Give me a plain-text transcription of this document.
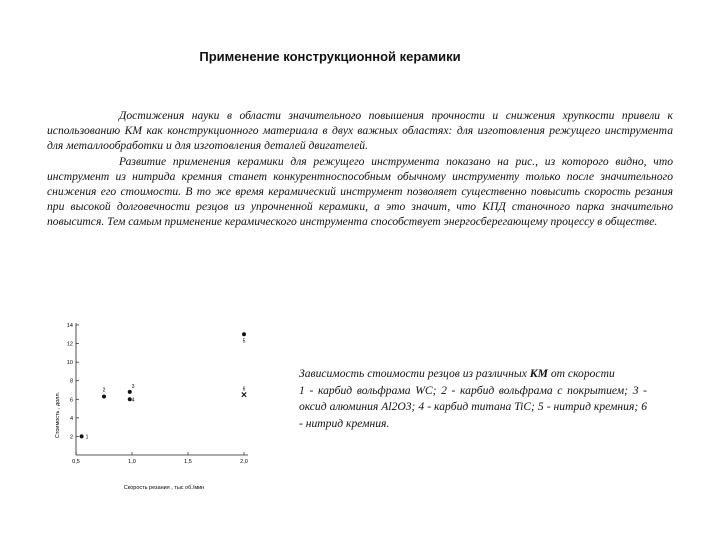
Применение конструкционной керамики

Достижения науки в области значительного повышения прочности и снижения хрупкости привели к использованию КМ как конструкционного материала в двух важных областях: для изготовления режущего инструмента для металлообработки и для изготовления деталей двигателей.

Развитие применения керамики для режущего инструмента показано на рис., из которого видно, что инструмент из нитрида кремния станет конкурентноспособным обычному инструменту только после значительного снижения его стоимости. В то же время керамический инструмент позволяет существенно повысить скорость резания при высокой долговечности резцов из упрочненной керамики, а это значит, что КПД станочного парка значительно повысится. Тем самым применение керамического инструмента способствует энергосберегающему процессу в обществе.

0,5	1,0	1,5	2,0
14
12
10
8
6
4
2	1
2
3
4
5
6
Скорость резания , тыс об./мин
Стоимость , долл.

Зависимость стоимости резцов из различных КМ от скорости

1 - карбид вольфрама WC; 2 - карбид вольфрама с покрытием; 3 - оксид алюминия Al2O3; 4 - карбид титана TiC; 5 - нитрид кремния; 6 - нитрид кремния.
